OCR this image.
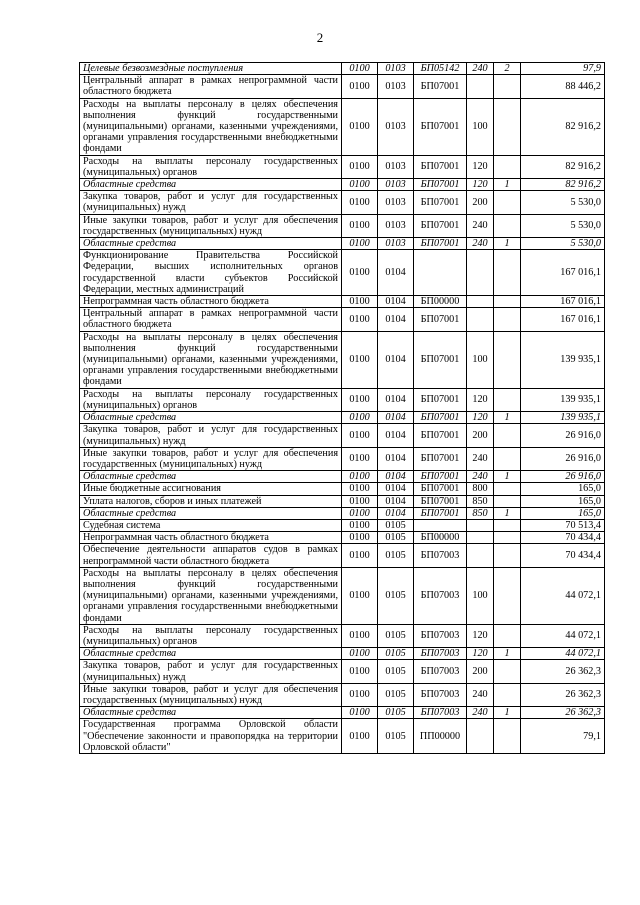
2
Целевые безвозмездные поступления	0100	0103	БП05142	240	2	97,9
Центральный аппарат в рамках непрограммной части областного бюджета	0100	0103	БП07001			88 446,2
Расходы на выплаты персоналу в целях обеспечения выполнения функций государственными (муниципальными) органами, казенными учреждениями, органами управления государственными внебюджетными фондами	0100	0103	БП07001	100		82 916,2
Расходы на выплаты персоналу государственных (муниципальных) органов	0100	0103	БП07001	120		82 916,2
Областные средства	0100	0103	БП07001	120	1	82 916,2
Закупка товаров, работ и услуг для государственных (муниципальных) нужд	0100	0103	БП07001	200		5 530,0
Иные закупки товаров, работ и услуг для обеспечения государственных (муниципальных) нужд	0100	0103	БП07001	240		5 530,0
Областные средства	0100	0103	БП07001	240	1	5 530,0
Функционирование Правительства Российской Федерации, высших исполнительных органов государственной власти субъектов Российской Федерации, местных администраций	0100	0104				167 016,1
Непрограммная часть областного бюджета	0100	0104	БП00000			167 016,1
Центральный аппарат в рамках непрограммной части областного бюджета	0100	0104	БП07001			167 016,1
Расходы на выплаты персоналу в целях обеспечения выполнения функций государственными (муниципальными) органами, казенными учреждениями, органами управления государственными внебюджетными фондами	0100	0104	БП07001	100		139 935,1
Расходы на выплаты персоналу государственных (муниципальных) органов	0100	0104	БП07001	120		139 935,1
Областные средства	0100	0104	БП07001	120	1	139 935,1
Закупка товаров, работ и услуг для государственных (муниципальных) нужд	0100	0104	БП07001	200		26 916,0
Иные закупки товаров, работ и услуг для обеспечения государственных (муниципальных) нужд	0100	0104	БП07001	240		26 916,0
Областные средства	0100	0104	БП07001	240	1	26 916,0
Иные бюджетные ассигнования	0100	0104	БП07001	800		165,0
Уплата налогов, сборов и иных платежей	0100	0104	БП07001	850		165,0
Областные средства	0100	0104	БП07001	850	1	165,0
Судебная система	0100	0105				70 513,4
Непрограммная часть областного бюджета	0100	0105	БП00000			70 434,4
Обеспечение деятельности аппаратов судов в рамках непрограммной части областного бюджета	0100	0105	БП07003			70 434,4
Расходы на выплаты персоналу в целях обеспечения выполнения функций государственными (муниципальными) органами, казенными учреждениями, органами управления государственными внебюджетными фондами	0100	0105	БП07003	100		44 072,1
Расходы на выплаты персоналу государственных (муниципальных) органов	0100	0105	БП07003	120		44 072,1
Областные средства	0100	0105	БП07003	120	1	44 072,1
Закупка товаров, работ и услуг для государственных (муниципальных) нужд	0100	0105	БП07003	200		26 362,3
Иные закупки товаров, работ и услуг для обеспечения государственных (муниципальных) нужд	0100	0105	БП07003	240		26 362,3
Областные средства	0100	0105	БП07003	240	1	26 362,3
Государственная программа Орловской области "Обеспечение законности и правопорядка на территории Орловской области"	0100	0105	ПП00000			79,1
